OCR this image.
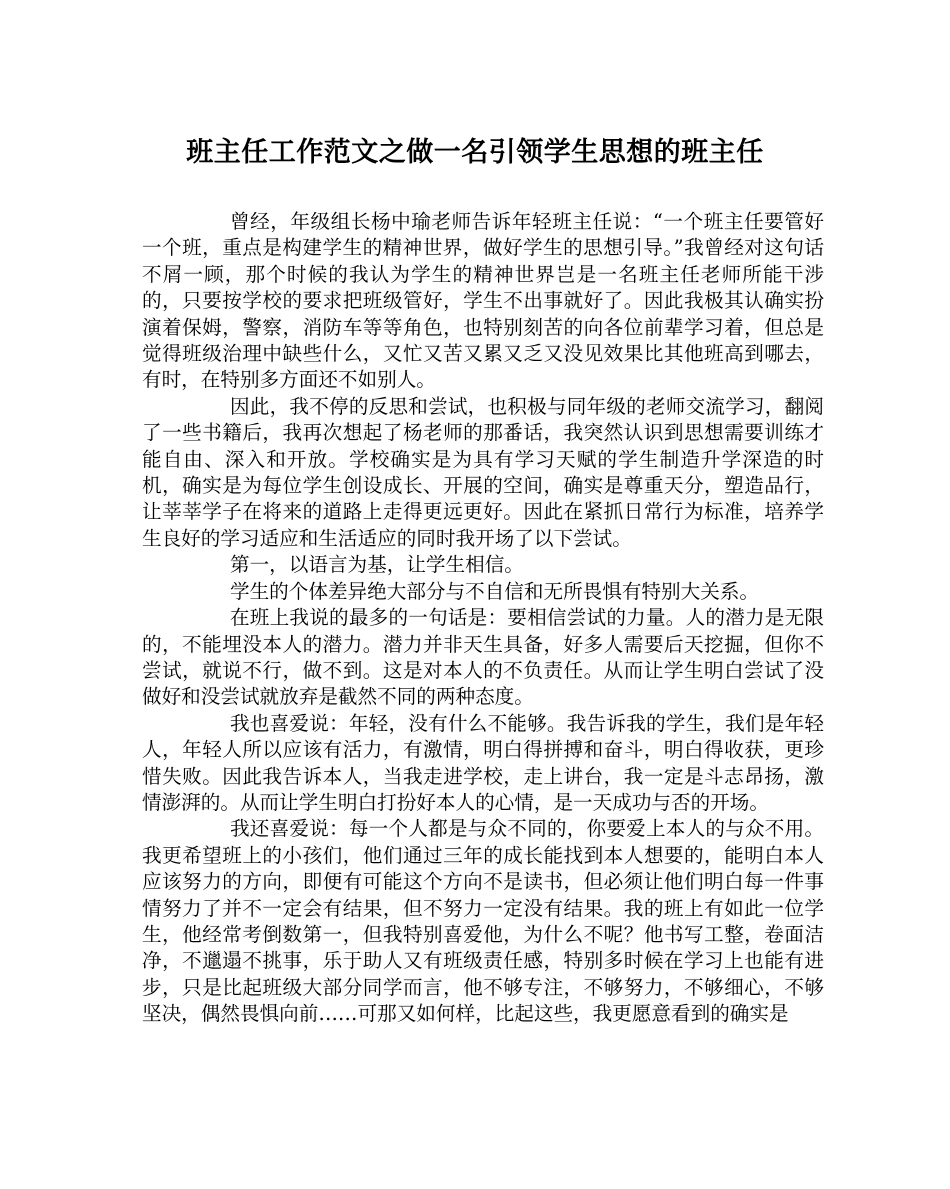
班主任工作范文之做一名引领学生思想的班主任

曾经，年级组长杨中瑜老师告诉年轻班主任说：“一个班主任要管好一个班，重点是构建学生的精神世界，做好学生的思想引导。”我曾经对这句话不屑一顾，那个时候的我认为学生的精神世界岂是一名班主任老师所能干涉的，只要按学校的要求把班级管好，学生不出事就好了。因此我极其认确实扮演着保姆，警察，消防车等等角色，也特别刻苦的向各位前辈学习着，但总是觉得班级治理中缺些什么，又忙又苦又累又乏又没见效果比其他班高到哪去，有时，在特别多方面还不如别人。

因此，我不停的反思和尝试，也积极与同年级的老师交流学习，翻阅了一些书籍后，我再次想起了杨老师的那番话，我突然认识到思想需要训练才能自由、深入和开放。学校确实是为具有学习天赋的学生制造升学深造的时机，确实是为每位学生创设成长、开展的空间，确实是尊重天分，塑造品行，让莘莘学子在将来的道路上走得更远更好。因此在紧抓日常行为标准，培养学生良好的学习适应和生活适应的同时我开场了以下尝试。

第一，以语言为基，让学生相信。

学生的个体差异绝大部分与不自信和无所畏惧有特别大关系。

在班上我说的最多的一句话是：要相信尝试的力量。人的潜力是无限的，不能埋没本人的潜力。潜力并非天生具备，好多人需要后天挖掘，但你不尝试，就说不行，做不到。这是对本人的不负责任。从而让学生明白尝试了没做好和没尝试就放弃是截然不同的两种态度。

我也喜爱说：年轻，没有什么不能够。我告诉我的学生，我们是年轻人，年轻人所以应该有活力，有激情，明白得拼搏和奋斗，明白得收获，更珍惜失败。因此我告诉本人，当我走进学校，走上讲台，我一定是斗志昂扬，激情澎湃的。从而让学生明白打扮好本人的心情，是一天成功与否的开场。

我还喜爱说：每一个人都是与众不同的，你要爱上本人的与众不用。我更希望班上的小孩们，他们通过三年的成长能找到本人想要的，能明白本人应该努力的方向，即便有可能这个方向不是读书，但必须让他们明白每一件事情努力了并不一定会有结果，但不努力一定没有结果。我的班上有如此一位学生，他经常考倒数第一，但我特别喜爱他，为什么不呢？他书写工整，卷面洁净，不邋遢不挑事，乐于助人又有班级责任感，特别多时候在学习上也能有进步，只是比起班级大部分同学而言，他不够专注，不够努力，不够细心，不够坚决，偶然畏惧向前……可那又如何样，比起这些，我更愿意看到的确实是
